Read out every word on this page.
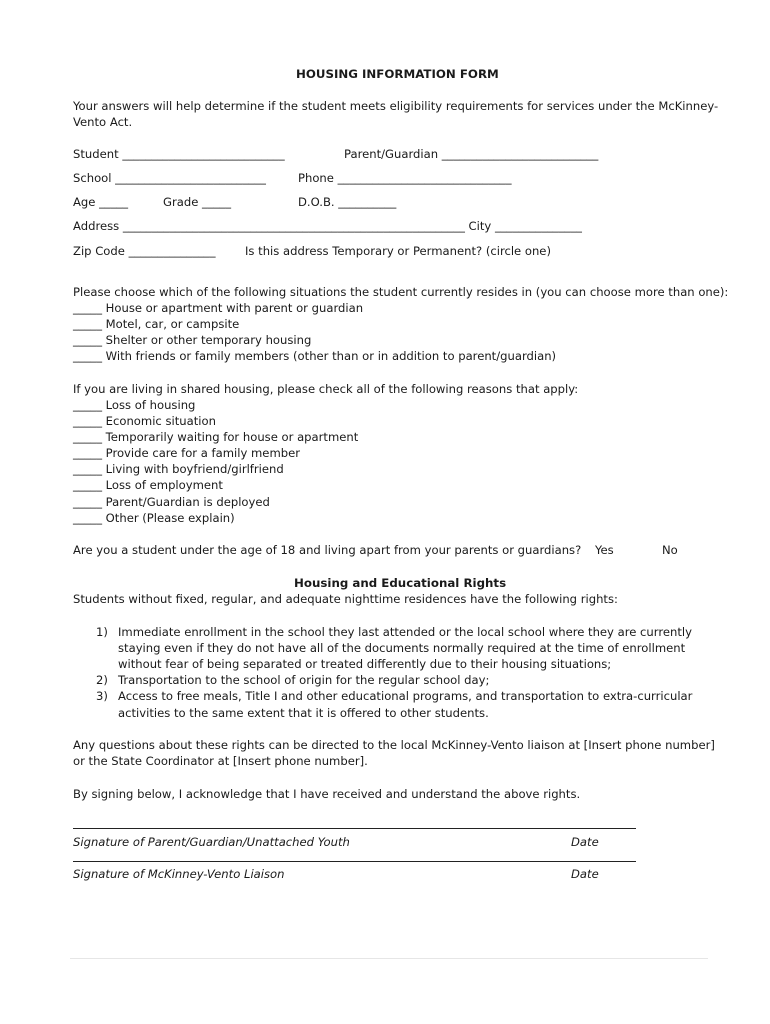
HOUSING INFORMATION FORM
Your answers will help determine if the student meets eligibility requirements for services under the McKinney-
Vento Act.
Student ____________________________	Parent/Guardian ___________________________
School __________________________	Phone ______________________________
Age _____	Grade _____	D.O.B. __________
Address ___________________________________________________________ City _______________
Zip Code _______________	Is this address Temporary or Permanent? (circle one)
Please choose which of the following situations the student currently resides in (you can choose more than one):
_____ House or apartment with parent or guardian
_____ Motel, car, or campsite
_____ Shelter or other temporary housing
_____ With friends or family members (other than or in addition to parent/guardian)
If you are living in shared housing, please check all of the following reasons that apply:
_____ Loss of housing
_____ Economic situation
_____ Temporarily waiting for house or apartment
_____ Provide care for a family member
_____ Living with boyfriend/girlfriend
_____ Loss of employment
_____ Parent/Guardian is deployed
_____ Other (Please explain)
Are you a student under the age of 18 and living apart from your parents or guardians? Yes	No
Housing and Educational Rights
Students without fixed, regular, and adequate nighttime residences have the following rights:
1) Immediate enrollment in the school they last attended or the local school where they are currently
staying even if they do not have all of the documents normally required at the time of enrollment
without fear of being separated or treated differently due to their housing situations;
2) Transportation to the school of origin for the regular school day;
3) Access to free meals, Title I and other educational programs, and transportation to extra-curricular
activities to the same extent that it is offered to other students.
Any questions about these rights can be directed to the local McKinney-Vento liaison at [Insert phone number]
or the State Coordinator at [Insert phone number].
By signing below, I acknowledge that I have received and understand the above rights.
Signature of Parent/Guardian/Unattached Youth	Date
Signature of McKinney-Vento Liaison	Date
